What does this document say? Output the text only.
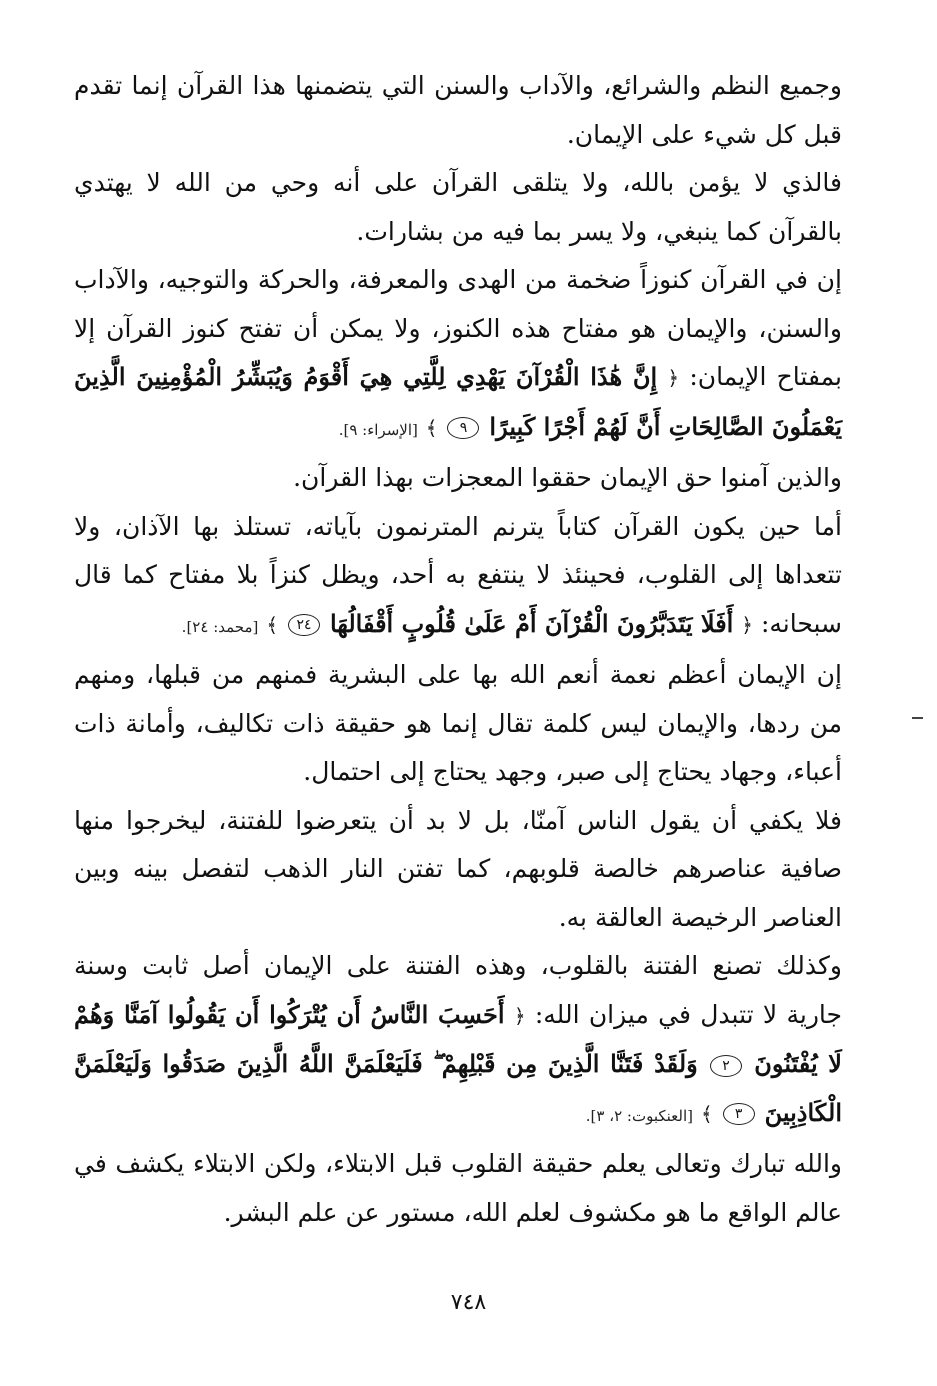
وجميع النظم والشرائع، والآداب والسنن التي يتضمنها هذا القرآن إنما تقدم قبل كل شيء على الإيمان.

فالذي لا يؤمن بالله، ولا يتلقى القرآن على أنه وحي من الله لا يهتدي بالقرآن كما ينبغي، ولا يسر بما فيه من بشارات.

إن في القرآن كنوزاً ضخمة من الهدى والمعرفة، والحركة والتوجيه، والآداب والسنن، والإيمان هو مفتاح هذه الكنوز، ولا يمكن أن تفتح كنوز القرآن إلا بمفتاح الإيمان: ﴿ إِنَّ هَٰذَا الْقُرْآنَ يَهْدِي لِلَّتِي هِيَ أَقْوَمُ وَيُبَشِّرُ الْمُؤْمِنِينَ الَّذِينَ يَعْمَلُونَ الصَّالِحَاتِ أَنَّ لَهُمْ أَجْرًا كَبِيرًا ٩ ﴾ [الإسراء: ٩].

والذين آمنوا حق الإيمان حققوا المعجزات بهذا القرآن.

أما حين يكون القرآن كتاباً يترنم المترنمون بآياته، تستلذ بها الآذان، ولا تتعداها إلى القلوب، فحينئذ لا ينتفع به أحد، ويظل كنزاً بلا مفتاح كما قال سبحانه: ﴿ أَفَلَا يَتَدَبَّرُونَ الْقُرْآنَ أَمْ عَلَىٰ قُلُوبٍ أَقْفَالُهَا ٢٤ ﴾ [محمد: ٢٤].

إن الإيمان أعظم نعمة أنعم الله بها على البشرية فمنهم من قبلها، ومنهم من ردها، والإيمان ليس كلمة تقال إنما هو حقيقة ذات تكاليف، وأمانة ذات أعباء، وجهاد يحتاج إلى صبر، وجهد يحتاج إلى احتمال.

فلا يكفي أن يقول الناس آمنّا، بل لا بد أن يتعرضوا للفتنة، ليخرجوا منها صافية عناصرهم خالصة قلوبهم، كما تفتن النار الذهب لتفصل بينه وبين العناصر الرخيصة العالقة به.

وكذلك تصنع الفتنة بالقلوب، وهذه الفتنة على الإيمان أصل ثابت وسنة جارية لا تتبدل في ميزان الله: ﴿ أَحَسِبَ النَّاسُ أَن يُتْرَكُوا أَن يَقُولُوا آمَنَّا وَهُمْ لَا يُفْتَنُونَ ٢ وَلَقَدْ فَتَنَّا الَّذِينَ مِن قَبْلِهِمْ ۖ فَلَيَعْلَمَنَّ اللَّهُ الَّذِينَ صَدَقُوا وَلَيَعْلَمَنَّ الْكَاذِبِينَ ٣ ﴾ [العنكبوت: ٢، ٣].

والله تبارك وتعالى يعلم حقيقة القلوب قبل الابتلاء، ولكن الابتلاء يكشف في عالم الواقع ما هو مكشوف لعلم الله، مستور عن علم البشر.

٧٤٨
